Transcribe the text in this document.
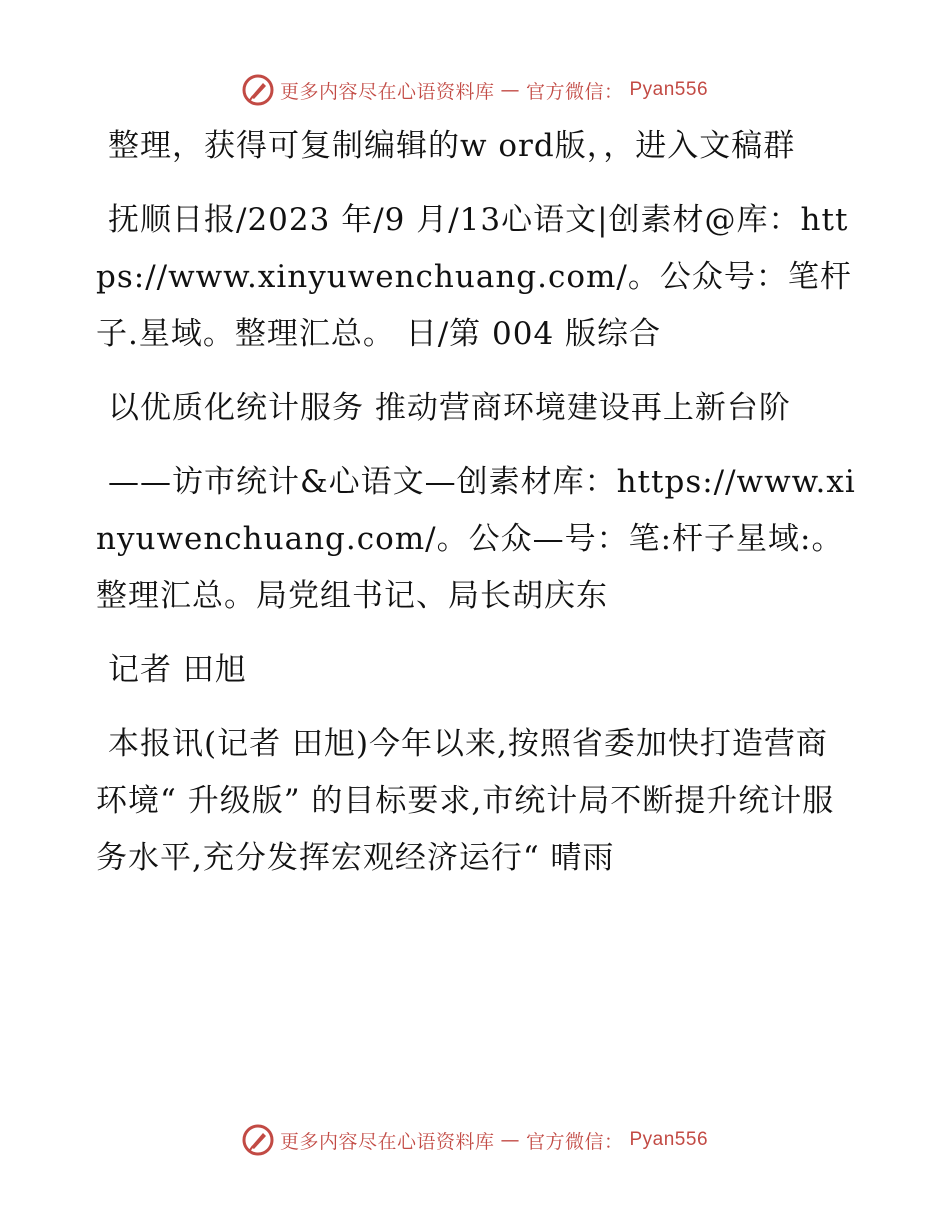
更多内容尽在心语资料库 — 官方微信： Pyan556

整理，获得可复制编辑的w ord版，，进入文稿群

抚顺日报/2023 年/9 月/13心语文|创素材@库：https://www.xinyuwenchuang.com/。公众号：笔杆子.星域。整理汇总。 日/第 004 版综合

以优质化统计服务 推动营商环境建设再上新台阶

——访市统计&心语文—创素材库：https://www.xinyuwenchuang.com/。公众—号：笔:杆子星域:。整理汇总。局党组书记、局长胡庆东

记者 田旭

本报讯(记者 田旭)今年以来,按照省委加快打造营商环境“ 升级版” 的目标要求,市统计局不断提升统计服务水平,充分发挥宏观经济运行“ 晴雨

更多内容尽在心语资料库 — 官方微信： Pyan556
